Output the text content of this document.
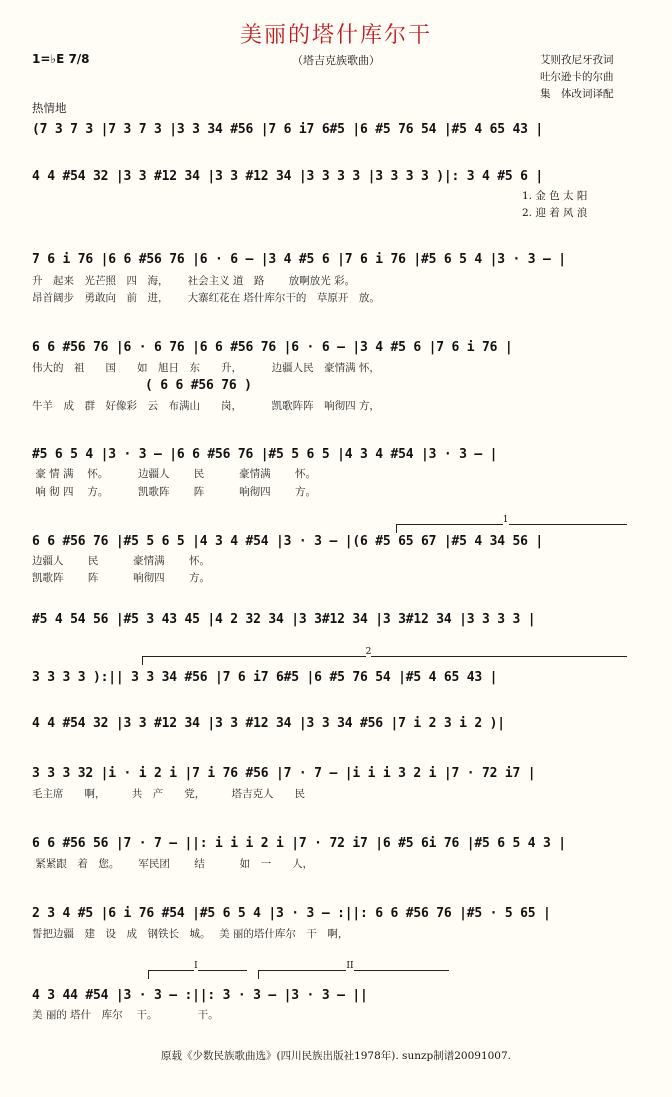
美丽的塔什库尔干
（塔吉克族歌曲）
1=♭E 7/8	艾则孜尼牙孜词
吐尔逊卡的尔曲
集　体改词译配
热情地
(7 3 7 3 |7 3 7 3 |3 3 34 #56 |7 6 i7 6#5 |6 #5 76 54 |#5 4 65 43 |
4 4 #54 32 |3 3 #12 34 |3 3 #12 34 |3 3 3 3 |3 3 3 3 )|: 3 4 #5 6 |
1. 金 色 太 阳
2. 迎 着 风 浪
7 6 i 76 |6 6 #56 76 |6 · 6 – |3 4 #5 6 |7 6 i 76 |#5 6 5 4 |3 · 3 – |
升　起来　光芒照　四　海，　　 社会主义 道　路　　 放啊放光 彩。
昂首阔步　勇敢向　前　进，　　 大寨红花在 塔什库尔干的　草原开　放。
6 6 #56 76 |6 · 6 76 |6 6 #56 76 |6 · 6 – |3 4 #5 6 |7 6 i 76 |
伟大的　祖　　国　　如　旭日　东　　升，　　　 边疆人民　豪情满 怀，
( 6 6 #56 76 )
牛羊　成　群　好像彩　云　布满山　　岗，　　　 凯歌阵阵　响彻四 方，
#5 6 5 4 |3 · 3 – |6 6 #56 76 |#5 5 6 5 |4 3 4 #54 |3 · 3 – |
豪 情 满　 怀。　　　 边疆人　　 民　　　 豪情满　　 怀。
响 彻 四　 方。　　　 凯歌阵　　 阵　　　 响彻四　　 方。
1
6 6 #56 76 |#5 5 6 5 |4 3 4 #54 |3 · 3 – |(6 #5 65 67 |#5 4 34 56 |
边疆人　　 民　　　 豪情满　　 怀。
凯歌阵　　 阵　　　 响彻四　　 方。
#5 4 54 56 |#5 3 43 45 |4 2 32 34 |3 3#12 34 |3 3#12 34 |3 3 3 3 |
2
3 3 3 3 ):|| 3 3 34 #56 |7 6 i7 6#5 |6 #5 76 54 |#5 4 65 43 |
4 4 #54 32 |3 3 #12 34 |3 3 #12 34 |3 3 34 #56 |7 i 2 3 i 2 )|
3 3 3 32 |i · i 2 i |7 i 76 #56 |7 · 7 – |i i i 3 2 i |7 · 72 i7 |
毛主席　　啊，　　　共　产　　党，　　　塔吉克人　　民
6 6 #56 56 |7 · 7 – ||: i i i 2 i |7 · 72 i7 |6 #5 6i 76 |#5 6 5 4 3 |
紧紧跟　着　您。　　 军民团　　 结　　　 如　一　　人，
2 3 4 #5 |6 i 76 #54 |#5 6 5 4 |3 · 3 – :||: 6 6 #56 76 |#5 · 5 65 |
誓把边疆　建　设　成　钢铁长　城。　 美 丽的塔什库尔　干　啊，
I	II
4 3 44 #54 |3 · 3 – :||: 3 · 3 – |3 · 3 – ||
美 丽的 塔什　库尔　 干。　　　　 干。
原载《少数民族歌曲选》(四川民族出版社1978年). sunzp制谱20091007.
